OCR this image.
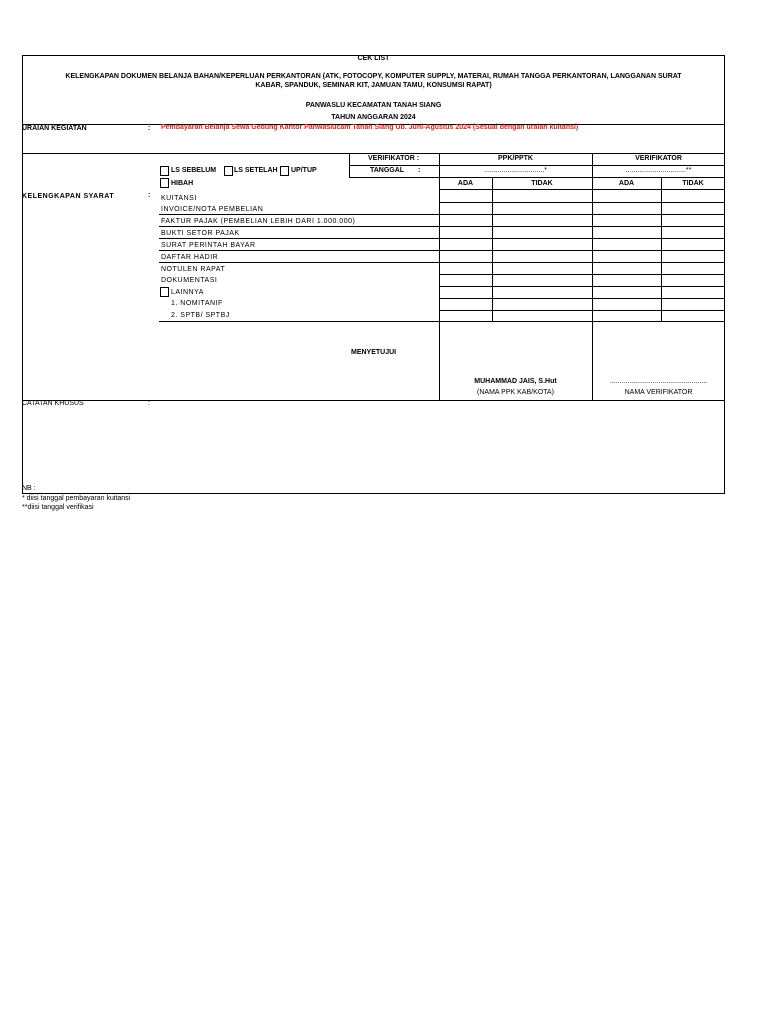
CEK LIST
KELENGKAPAN DOKUMEN BELANJA BAHAN/KEPERLUAN PERKANTORAN (ATK, FOTOCOPY, KOMPUTER SUPPLY, MATERAI, RUMAH TANGGA PERKANTORAN, LANGGANAN SURAT
KABAR, SPANDUK, SEMINAR KIT, JAMUAN TAMU, KONSUMSI RAPAT)
PANWASLU KECAMATAN TANAH SIANG
TAHUN ANGGARAN 2024
URAIAN KEGIATAN	: Pembayaran Belanja Sewa Gedung Kantor Panwaslucam Tanah Siang Ub. Juni-Agustus 2024 (Sesuai dengan uraian kuitansi)
LS SEBELUM	LS SETELAH UP/TUP
HIBAH
VERIFIKATOR :
TANGGAL :
PPK/PPTK	VERIFIKATOR
...............................*	...............................**
ADA	TIDAK	ADA	TIDAK
KELENGKAPAN SYARAT	: KUITANSI
INVOICE/NOTA PEMBELIAN
FAKTUR PAJAK (PEMBELIAN LEBIH DARI 1.000.000)
BUKTI SETOR PAJAK
SURAT PERINTAH BAYAR
DAFTAR HADIR
NOTULEN RAPAT
DOKUMENTASI
LAINNYA
1. NOMITANIF
2. SPTB/ SPTBJ
MENYETUJUI
MUHAMMAD JAIS, S.Hut
(NAMA PPK KAB/KOTA)
..................................................
NAMA VERIFIKATOR
CATATAN KHUSUS	:
NB :
* diisi tanggal pembayaran kuitansi
**diisi tanggal verifikasi
